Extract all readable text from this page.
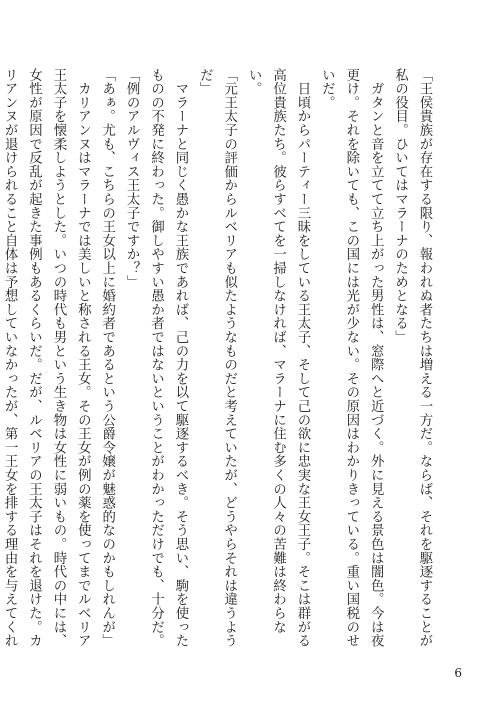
「王侯貴族が存在する限り、報われぬ者たちは増える一方だ。ならば、それを駆逐することが私の役目。ひいてはマラーナのためとなる」

　ガタンと音を立てて立ち上がった男性は、窓際へと近づく。外に見える景色は闇色。今は夜更け。それを除いても、この国には光が少ない。その原因はわかりきっている。重い国税のせいだ。

　日頃からパーティー三昧をしている王太子、そして己の欲に忠実な王女王子。そこは群がる高位貴族たち。彼らすべてを一掃しなければ、マラーナに住む多くの人々の苦難は終わらない。

「元王太子の評価からルベリアも似たようなものだと考えていたが、どうやらそれは違うようだ」

　マラーナと同じく愚かな王族であれば、己の力を以て駆逐するべき。そう思い、駒を使ったものの不発に終わった。御しやすい愚か者ではないということがわかっただけでも、十分だ。

「例のアルヴィス王太子ですか？」

「あぁ。尤も、こちらの王女以上に婚約者であるという公爵令嬢が魅惑的なのかもしれんが」

　カリアンヌはマラーナでは美しいと称される王女。その王女が例の薬を使ってまでルベリア王太子を懐柔しようとした。いつの時代も男という生き物は女性に弱いもの。時代の中には、女性が原因で反乱が起きた事例もあるくらいだ。だが、ルベリアの王太子はそれを退けた。カリアンヌが退けられること自体は予想していなかったが、第一王女を排する理由を与えてくれ

6
